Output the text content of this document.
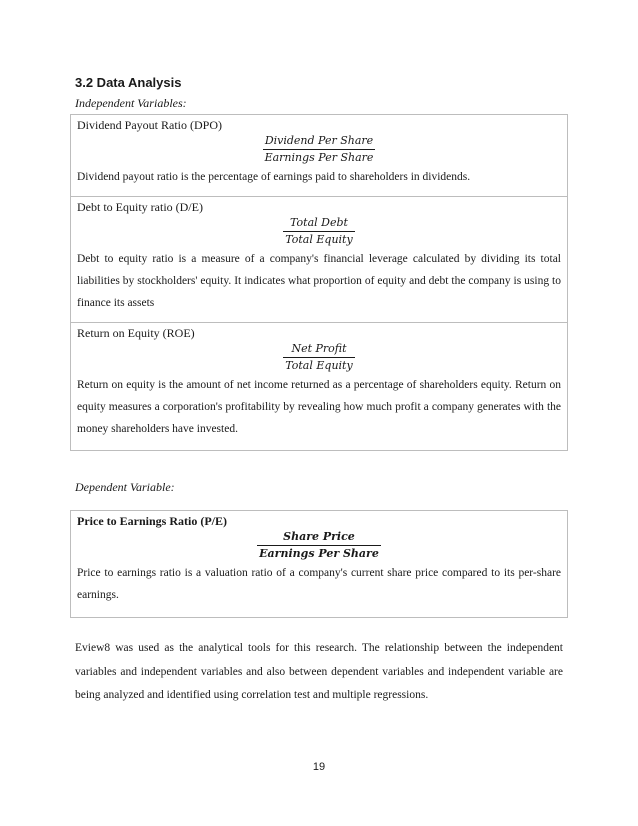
3.2 Data Analysis
Independent Variables:
Dividend Payout Ratio (DPO)
Dividend Per Share
Earnings Per Share
Dividend payout ratio is the percentage of earnings paid to shareholders in dividends.
Debt to Equity ratio (D/E)
Total Debt
Total Equity
Debt to equity ratio is a measure of a company's financial leverage calculated by dividing its total liabilities by stockholders' equity. It indicates what proportion of equity and debt the company is using to finance its assets
Return on Equity (ROE)
Net Profit
Total Equity
Return on equity is the amount of net income returned as a percentage of shareholders equity. Return on equity measures a corporation's profitability by revealing how much profit a company generates with the money shareholders have invested.
Dependent Variable:
Price to Earnings Ratio (P/E)
Share Price
Earnings Per Share
Price to earnings ratio is a valuation ratio of a company's current share price compared to its per-share earnings.
Eview8 was used as the analytical tools for this research. The relationship between the independent variables and independent variables and also between dependent variables and independent variable are being analyzed and identified using correlation test and multiple regressions.
19
